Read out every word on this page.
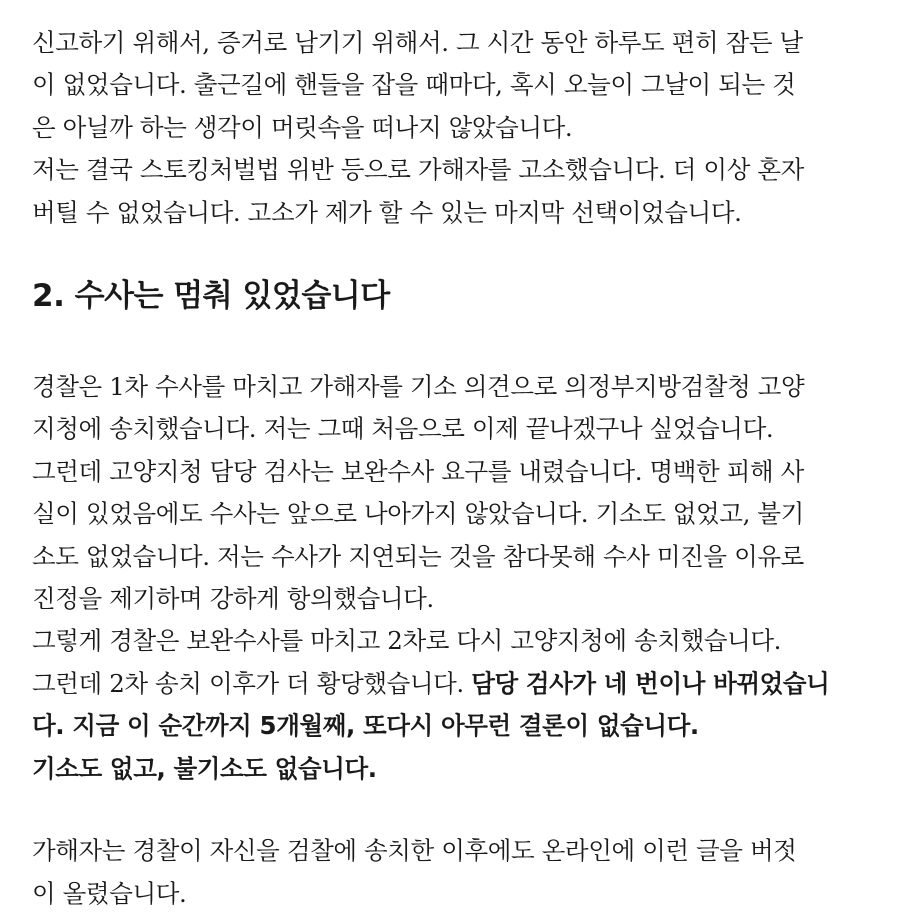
신고하기 위해서, 증거로 남기기 위해서. 그 시간 동안 하루도 편히 잠든 날
이 없었습니다. 출근길에 핸들을 잡을 때마다, 혹시 오늘이 그날이 되는 것
은 아닐까 하는 생각이 머릿속을 떠나지 않았습니다.
저는 결국 스토킹처벌법 위반 등으로 가해자를 고소했습니다. 더 이상 혼자
버틸 수 없었습니다. 고소가 제가 할 수 있는 마지막 선택이었습니다.

2. 수사는 멈춰 있었습니다

경찰은 1차 수사를 마치고 가해자를 기소 의견으로 의정부지방검찰청 고양
지청에 송치했습니다. 저는 그때 처음으로 이제 끝나겠구나 싶었습니다.
그런데 고양지청 담당 검사는 보완수사 요구를 내렸습니다. 명백한 피해 사
실이 있었음에도 수사는 앞으로 나아가지 않았습니다. 기소도 없었고, 불기
소도 없었습니다. 저는 수사가 지연되는 것을 참다못해 수사 미진을 이유로
진정을 제기하며 강하게 항의했습니다.
그렇게 경찰은 보완수사를 마치고 2차로 다시 고양지청에 송치했습니다.
그런데 2차 송치 이후가 더 황당했습니다. 담당 검사가 네 번이나 바뀌었습니
다. 지금 이 순간까지 5개월째, 또다시 아무런 결론이 없습니다.
기소도 없고, 불기소도 없습니다.

가해자는 경찰이 자신을 검찰에 송치한 이후에도 온라인에 이런 글을 버젓
이 올렸습니다.
